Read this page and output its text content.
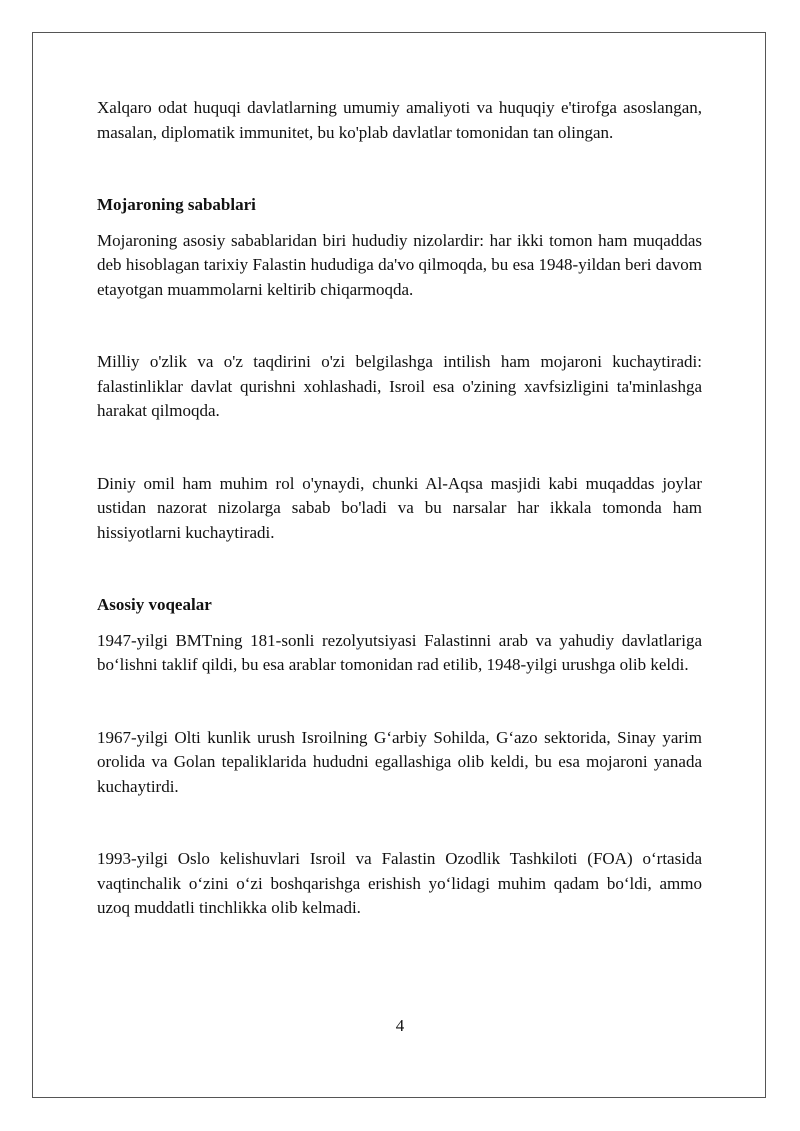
Xalqaro odat huquqi davlatlarning umumiy amaliyoti va huquqiy e'tirofga asoslangan, masalan, diplomatik immunitet, bu ko'plab davlatlar tomonidan tan olingan.

Mojaroning sabablari

Mojaroning asosiy sabablaridan biri hududiy nizolardir: har ikki tomon ham muqaddas deb hisoblagan tarixiy Falastin hududiga da'vo qilmoqda, bu esa 1948-yildan beri davom etayotgan muammolarni keltirib chiqarmoqda.

Milliy o'zlik va o'z taqdirini o'zi belgilashga intilish ham mojaroni kuchaytiradi: falastinliklar davlat qurishni xohlashadi, Isroil esa o'zining xavfsizligini ta'minlashga harakat qilmoqda.

Diniy omil ham muhim rol o'ynaydi, chunki Al-Aqsa masjidi kabi muqaddas joylar ustidan nazorat nizolarga sabab bo'ladi va bu narsalar har ikkala tomonda ham hissiyotlarni kuchaytiradi.

Asosiy voqealar

1947-yilgi BMTning 181-sonli rezolyutsiyasi Falastinni arab va yahudiy davlatlariga bo‘lishni taklif qildi, bu esa arablar tomonidan rad etilib, 1948-yilgi urushga olib keldi.

1967-yilgi Olti kunlik urush Isroilning G‘arbiy Sohilda, G‘azo sektorida, Sinay yarim orolida va Golan tepaliklarida hududni egallashiga olib keldi, bu esa mojaroni yanada kuchaytirdi.

1993-yilgi Oslo kelishuvlari Isroil va Falastin Ozodlik Tashkiloti (FOA) o‘rtasida vaqtinchalik o‘zini o‘zi boshqarishga erishish yo‘lidagi muhim qadam bo‘ldi, ammo uzoq muddatli tinchlikka olib kelmadi.

4
